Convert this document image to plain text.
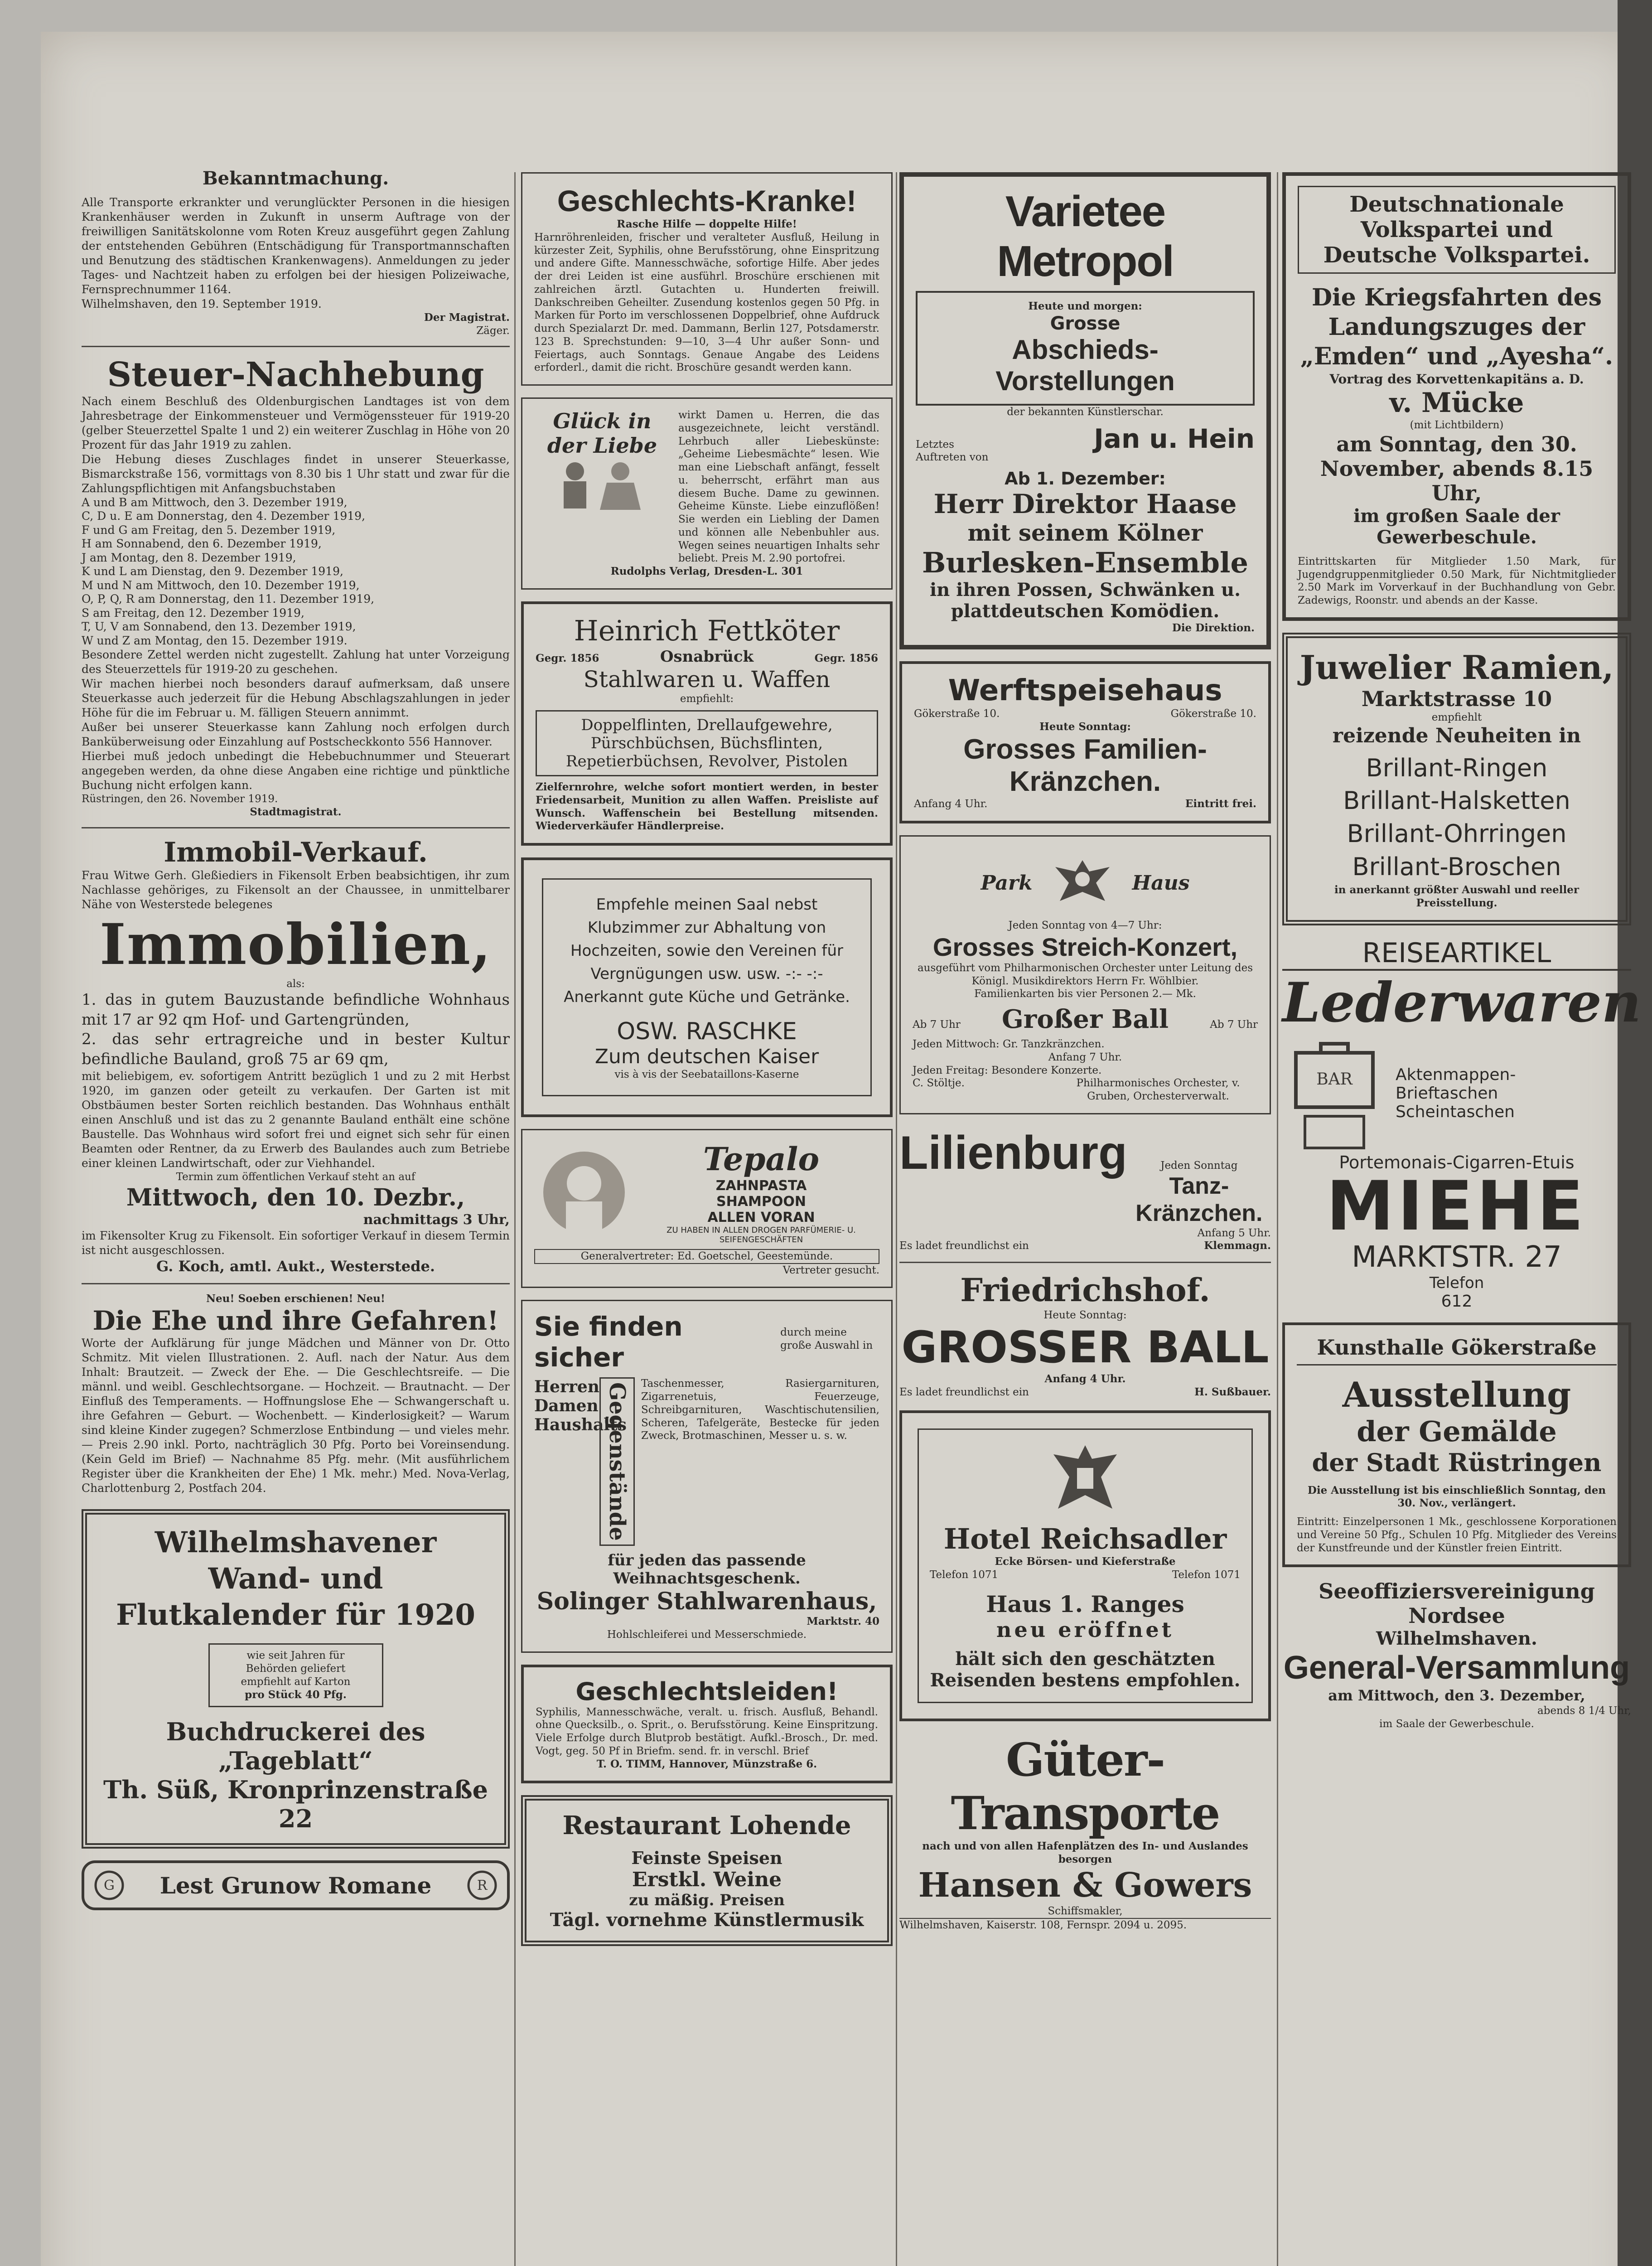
Bekanntmachung.
Alle Transporte erkrankter und verunglückter Personen in die hiesigen Krankenhäuser werden in Zukunft in unserm Auftrage von der freiwilligen Sanitätskolonne vom Roten Kreuz ausgeführt gegen Zahlung der entstehenden Gebühren (Entschädigung für Transportmannschaften und Benutzung des städtischen Krankenwagens). Anmeldungen zu jeder Tages- und Nachtzeit haben zu erfolgen bei der hiesigen Polizeiwache, Fernsprechnummer 1164.
Wilhelmshaven, den 19. September 1919.
Der Magistrat.
Zäger.
Steuer-Nachhebung
Nach einem Beschluß des Oldenburgischen Landtages ist von dem Jahresbetrage der Einkommensteuer und Vermögenssteuer für 1919-20 (gelber Steuerzettel Spalte 1 und 2) ein weiterer Zuschlag in Höhe von 20 Prozent für das Jahr 1919 zu zahlen.
Die Hebung dieses Zuschlages findet in unserer Steuerkasse, Bismarckstraße 156, vormittags von 8.30 bis 1 Uhr statt und zwar für die Zahlungspflichtigen mit Anfangsbuchstaben
A und B am Mittwoch, den 3. Dezember 1919,
C, D u. E am Donnerstag, den 4. Dezember 1919,
F und G am Freitag, den 5. Dezember 1919,
H am Sonnabend, den 6. Dezember 1919,
J am Montag, den 8. Dezember 1919,
K und L am Dienstag, den 9. Dezember 1919,
M und N am Mittwoch, den 10. Dezember 1919,
O, P, Q, R am Donnerstag, den 11. Dezember 1919,
S am Freitag, den 12. Dezember 1919,
T, U, V am Sonnabend, den 13. Dezember 1919,
W und Z am Montag, den 15. Dezember 1919.
Besondere Zettel werden nicht zugestellt. Zahlung hat unter Vorzeigung des Steuerzettels für 1919-20 zu geschehen.
Wir machen hierbei noch besonders darauf aufmerksam, daß unsere Steuerkasse auch jederzeit für die Hebung Abschlagszahlungen in jeder Höhe für die im Februar u. M. fälligen Steuern annimmt.
Außer bei unserer Steuerkasse kann Zahlung noch erfolgen durch Banküberweisung oder Einzahlung auf Postscheckkonto 556 Hannover.
Hierbei muß jedoch unbedingt die Hebebuchnummer und Steuerart angegeben werden, da ohne diese Angaben eine richtige und pünktliche Buchung nicht erfolgen kann.
Rüstringen, den 26. November 1919.
Stadtmagistrat.
Immobil-Verkauf.
Frau Witwe Gerh. Gleßiediers in Fikensolt Erben beabsichtigen, ihr zum Nachlasse gehöriges, zu Fikensolt an der Chaussee, in unmittelbarer Nähe von Westerstede belegenes
Immobilien,
als:
1. das in gutem Bauzustande befindliche Wohnhaus mit 17 ar 92 qm Hof- und Gartengründen,
2. das sehr ertragreiche und in bester Kultur befindliche Bauland, groß 75 ar 69 qm,
mit beliebigem, ev. sofortigem Antritt bezüglich 1 und zu 2 mit Herbst 1920, im ganzen oder geteilt zu verkaufen. Der Garten ist mit Obstbäumen bester Sorten reichlich bestanden. Das Wohnhaus enthält einen Anschluß und ist das zu 2 genannte Bauland enthält eine schöne Baustelle. Das Wohnhaus wird sofort frei und eignet sich sehr für einen Beamten oder Rentner, da zu Erwerb des Baulandes auch zum Betriebe einer kleinen Landwirtschaft, oder zur Viehhandel.
Termin zum öffentlichen Verkauf steht an auf
Mittwoch, den 10. Dezbr.,
nachmittags 3 Uhr,
im Fikensolter Krug zu Fikensolt. Ein sofortiger Verkauf in diesem Termin ist nicht ausgeschlossen.
G. Koch, amtl. Aukt., Westerstede.
Neu! Soeben erschienen! Neu!
Die Ehe und ihre Gefahren!
Worte der Aufklärung für junge Mädchen und Männer von Dr. Otto Schmitz. Mit vielen Illustrationen. 2. Aufl. nach der Natur. Aus dem Inhalt: Brautzeit. — Zweck der Ehe. — Die Geschlechtsreife. — Die männl. und weibl. Geschlechtsorgane. — Hochzeit. — Brautnacht. — Der Einfluß des Temperaments. — Hoffnungslose Ehe — Schwangerschaft u. ihre Gefahren — Geburt. — Wochenbett. — Kinderlosigkeit? — Warum sind kleine Kinder zugegen? Schmerzlose Entbindung — und vieles mehr. — Preis 2.90 inkl. Porto, nachträglich 30 Pfg. Porto bei Voreinsendung. (Kein Geld im Brief) — Nachnahme 85 Pfg. mehr. (Mit ausführlichem Register über die Krankheiten der Ehe) 1 Mk. mehr.) Med. Nova-Verlag, Charlottenburg 2, Postfach 204.
Wilhelmshavener Wand- und Flutkalender für 1920
wie seit Jahren für
Behörden geliefert
empfiehlt auf Karton
pro Stück 40 Pfg.
Buchdruckerei des „Tageblatt“
Th. Süß, Kronprinzenstraße 22
G	Lest Grunow Romane	R
Geschlechts-Kranke!
Rasche Hilfe — doppelte Hilfe!
Harnröhrenleiden, frischer und veralteter Ausfluß, Heilung in kürzester Zeit, Syphilis, ohne Berufsstörung, ohne Einspritzung und andere Gifte. Mannesschwäche, sofortige Hilfe. Aber jedes der drei Leiden ist eine ausführl. Broschüre erschienen mit zahlreichen ärztl. Gutachten u. Hunderten freiwill. Dankschreiben Geheilter. Zusendung kostenlos gegen 50 Pfg. in Marken für Porto im verschlossenen Doppelbrief, ohne Aufdruck durch Spezialarzt Dr. med. Dammann, Berlin 127, Potsdamerstr. 123 B. Sprechstunden: 9—10, 3—4 Uhr außer Sonn- und Feiertags, auch Sonntags. Genaue Angabe des Leidens erforderl., damit die richt. Broschüre gesandt werden kann.
Glück in der Liebe
wirkt Damen u. Herren, die das ausgezeichnete, leicht verständl. Lehrbuch aller Liebeskünste: „Geheime Liebesmächte“ lesen. Wie man eine Liebschaft anfängt, fesselt u. beherrscht, erfährt man aus diesem Buche. Dame zu gewinnen. Geheime Künste. Liebe einzuflößen! Sie werden ein Liebling der Damen und können alle Nebenbuhler aus. Wegen seines neuartigen Inhalts sehr beliebt. Preis M. 2.90 portofrei.
Rudolphs Verlag, Dresden-L. 301
Heinrich Fettköter
Gegr. 1856	Osnabrück	Gegr. 1856
Stahlwaren u. Waffen
empfiehlt:
Doppelflinten, Drellaufgewehre,
Pürschbüchsen, Büchsflinten, Repetierbüchsen, Revolver, Pistolen
Zielfernrohre, welche sofort montiert werden, in bester Friedensarbeit, Munition zu allen Waffen. Preisliste auf Wunsch. Waffenschein bei Bestellung mitsenden. Wiederverkäufer Händlerpreise.
Empfehle meinen Saal nebst Klubzimmer zur Abhaltung von Hochzeiten, sowie den Vereinen für Vergnügungen usw. usw. -:- -:- Anerkannt gute Küche und Getränke.
OSW. RASCHKE
Zum deutschen Kaiser
vis à vis der Seebataillons-Kaserne
Tepalo
ZAHNPASTA
SHAMPOON
ALLEN VORAN
ZU HABEN IN ALLEN DROGEN PARFÜMERIE- U. SEIFENGESCHÄFTEN
Generalvertreter: Ed. Goetschel, Geestemünde.
Vertreter gesucht.
Sie finden sicher
durch meine große Auswahl in
Herren
Damen
Haushalts
Gegenstände	Taschenmesser, Rasiergarnituren, Zigarrenetuis, Feuerzeuge, Schreibgarnituren, Waschtischutensilien, Scheren, Tafelgeräte, Bestecke für jeden Zweck, Brotmaschinen, Messer u. s. w.
für jeden das passende Weihnachtsgeschenk.
Solinger Stahlwarenhaus,
Marktstr. 40
Hohlschleiferei und Messerschmiede.
Geschlechtsleiden!
Syphilis, Mannesschwäche, veralt. u. frisch. Ausfluß, Behandl. ohne Quecksilb., o. Sprit., o. Berufsstörung. Keine Einspritzung. Viele Erfolge durch Blutprob bestätigt. Aufkl.-Brosch., Dr. med. Vogt, geg. 50 Pf in Briefm. send. fr. in verschl. Brief
T. O. TIMM, Hannover, Münzstraße 6.
Restaurant Lohende
Feinste Speisen
Erstkl. Weine
zu mäßig. Preisen
Tägl. vornehme Künstlermusik
Varietee Metropol
Heute und morgen:
Grosse
Abschieds-Vorstellungen
der bekannten Künstlerschar.
Letztes Auftreten von
Jan u. Hein
Ab 1. Dezember:
Herr Direktor Haase
mit seinem Kölner
Burlesken-Ensemble
in ihren Possen, Schwänken u. plattdeutschen Komödien.
Die Direktion.
Werftspeisehaus
Gökerstraße 10.	Gökerstraße 10.
Heute Sonntag:
Grosses Familien-Kränzchen.
Anfang 4 Uhr.	Eintritt frei.
Park	Haus
Jeden Sonntag von 4—7 Uhr:
Grosses Streich-Konzert,
ausgeführt vom Philharmonischen Orchester unter Leitung des Königl. Musikdirektors Herrn Fr. Wöhlbier.
Familienkarten bis vier Personen 2.— Mk.
Ab 7 Uhr Großer Ball	Ab 7 Uhr
Jeden Mittwoch: Gr. Tanzkränzchen.
Anfang 7 Uhr.
Jeden Freitag: Besondere Konzerte.
C. Stöltje.	Philharmonisches Orchester, v. Gruben, Orchesterverwalt.
Lilienburg	Jeden Sonntag
Tanz-Kränzchen.
Anfang 5 Uhr.
Es ladet freundlichst ein	Klemmagn.
Friedrichshof.
Heute Sonntag:
GROSSER BALL
Anfang 4 Uhr.
Es ladet freundlichst ein	H. Sußbauer.
Hotel Reichsadler
Ecke Börsen- und Kieferstraße
Telefon 1071	Telefon 1071
Haus 1. Ranges
neu eröffnet
hält sich den geschätzten Reisenden bestens empfohlen.
Güter-Transporte
nach und von allen Hafenplätzen des In- und Auslandes besorgen
Hansen & Gowers
Schiffsmakler,
Wilhelmshaven, Kaiserstr. 108, Fernspr. 2094 u. 2095.
Deutschnationale Volkspartei und Deutsche Volkspartei.
Die Kriegsfahrten des Landungszuges der „Emden“ und „Ayesha“.
Vortrag des Korvettenkapitäns a. D.
v. Mücke
(mit Lichtbildern)
am Sonntag, den 30. November, abends 8.15 Uhr,
im großen Saale der Gewerbeschule.
Eintrittskarten für Mitglieder 1.50 Mark, für Jugendgruppenmitglieder 0.50 Mark, für Nichtmitglieder 2.50 Mark im Vorverkauf in der Buchhandlung von Gebr. Zadewigs, Roonstr. und abends an der Kasse.
Juwelier Ramien,
Marktstrasse 10
empfiehlt
reizende Neuheiten in
Brillant-Ringen
Brillant-Halsketten
Brillant-Ohrringen
Brillant-Broschen
in anerkannt größter Auswahl und reeller Preisstellung.
REISEARTIKEL
Lederwaren
BAR	Aktenmappen-
Brieftaschen
Scheintaschen
Portemonais-Cigarren-Etuis
MIEHE
MARKTSTR. 27
Telefon
612
Kunsthalle Gökerstraße
Ausstellung
der Gemälde
der Stadt Rüstringen
Die Ausstellung ist bis einschließlich Sonntag, den 30. Nov., verlängert.
Eintritt: Einzelpersonen 1 Mk., geschlossene Korporationen und Vereine 50 Pfg., Schulen 10 Pfg. Mitglieder des Vereins der Kunstfreunde und der Künstler freien Eintritt.
Seeoffiziersvereinigung Nordsee
Wilhelmshaven.
General-Versammlung
am Mittwoch, den 3. Dezember,
abends 8 1/4 Uhr,
im Saale der Gewerbeschule.
